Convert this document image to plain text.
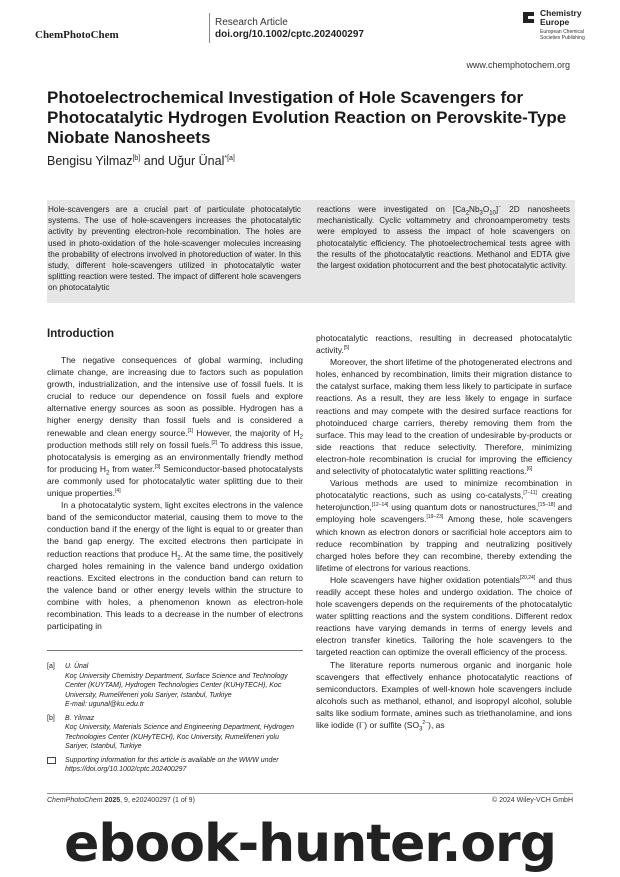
ChemPhotoChem
Research Article
doi.org/10.1002/cptc.202400297
Chemistry
Europe
European Chemical
Societies Publishing
www.chemphotochem.org
Photoelectrochemical Investigation of Hole Scavengers for Photocatalytic Hydrogen Evolution Reaction on Perovskite-Type Niobate Nanosheets
Bengisu Yilmaz[b] and Uğur Ünal$^{*[a]}$
Hole-scavengers are a crucial part of particulate photocatalytic systems. The use of hole-scavengers increases the photocatalytic activity by preventing electron-hole recombination. The holes are used in photo-oxidation of the hole-scavenger molecules increasing the probability of electrons involved in photoreduction of water. In this study, different hole-scavengers utilized in photocatalytic water splitting reaction were tested. The impact of different hole scavengers on photocatalytic
reactions were investigated on $[Ca_2Nb_3O_{10}]^-$ 2D nanosheets mechanistically. Cyclic voltammetry and chronoamperometry tests were employed to assess the impact of hole scavengers on photocatalytic efficiency. The photoelectrochemical tests agree with the results of the photocatalytic reactions. Methanol and EDTA give the largest oxidation photocurrent and the best photocatalytic activity.
Introduction

The negative consequences of global warming, including climate change, are increasing due to factors such as population growth, industrialization, and the intensive use of fossil fuels. It is crucial to reduce our dependence on fossil fuels and explore alternative energy sources as soon as possible. Hydrogen has a higher energy density than fossil fuels and is considered a renewable and clean energy source.[1] However, the majority of $H_2$ production methods still rely on fossil fuels.[2] To address this issue, photocatalysis is emerging as an environmentally friendly method for producing $H_2$ from water.[3] Semiconductor-based photocatalysts are commonly used for photocatalytic water splitting due to their unique properties.[4]

In a photocatalytic system, light excites electrons in the valence band of the semiconductor material, causing them to move to the conduction band if the energy of the light is equal to or greater than the band gap energy. The excited electrons then participate in reduction reactions that produce $H_2$. At the same time, the positively charged holes remaining in the valence band undergo oxidation reactions. Excited electrons in the conduction band can return to the valence band or other energy levels within the structure to combine with holes, a phenomenon known as electron-hole recombination. This leads to a decrease in the number of electrons participating in

photocatalytic reactions, resulting in decreased photocatalytic activity.[5]

Moreover, the short lifetime of the photogenerated electrons and holes, enhanced by recombination, limits their migration distance to the catalyst surface, making them less likely to participate in surface reactions. As a result, they are less likely to engage in surface reactions and may compete with the desired surface reactions for photoinduced charge carriers, thereby removing them from the surface. This may lead to the creation of undesirable by-products or side reactions that reduce selectivity. Therefore, minimizing electron-hole recombination is crucial for improving the efficiency and selectivity of photocatalytic water splitting reactions.[6]

Various methods are used to minimize recombination in photocatalytic reactions, such as using co-catalysts,[7–11] creating heterojunction,[12–14] using quantum dots or nanostructures,[15–18] and employing hole scavengers.[19–23] Among these, hole scavengers which known as electron donors or sacrificial hole acceptors aim to reduce recombination by trapping and neutralizing positively charged holes before they can recombine, thereby extending the lifetime of electrons for various reactions.

Hole scavengers have higher oxidation potentials[20,24] and thus readily accept these holes and undergo oxidation. The choice of hole scavengers depends on the requirements of the photocatalytic water splitting reactions and the system conditions. Different redox reactions have varying demands in terms of energy levels and electron transfer kinetics. Tailoring the hole scavengers to the targeted reaction can optimize the overall efficiency of the process.

The literature reports numerous organic and inorganic hole scavengers that effectively enhance photocatalytic reactions of semiconductors. Examples of well-known hole scavengers include alcohols such as methanol, ethanol, and isopropyl alcohol, soluble salts like sodium formate, amines such as triethanolamine, and ions like iodide (I−) or sulfite $(SO_3^{2-})$, as

[a] U. Ünal
Koç University Chemistry Department, Surface Science and Technology Center (KUYTAM), Hydrogen Technologies Center (KUHyTECH), Koc University, Rumelifeneri yolu Sariyer, Istanbul, Turkiye
E-mail: ugunal@ku.edu.tr
[b] B. Yilmaz
Koç University, Materials Science and Engineering Department, Hydrogen Technologies Center (KUHyTECH), Koc University, Rumelifeneri yolu Sariyer, Istanbul, Turkiye
Supporting information for this article is available on the WWW under https://doi.org/10.1002/cptc.202400297
ChemPhotoChem 2025, 9, e202400297 (1 of 9)	© 2024 Wiley-VCH GmbH
ebook-hunter.org
